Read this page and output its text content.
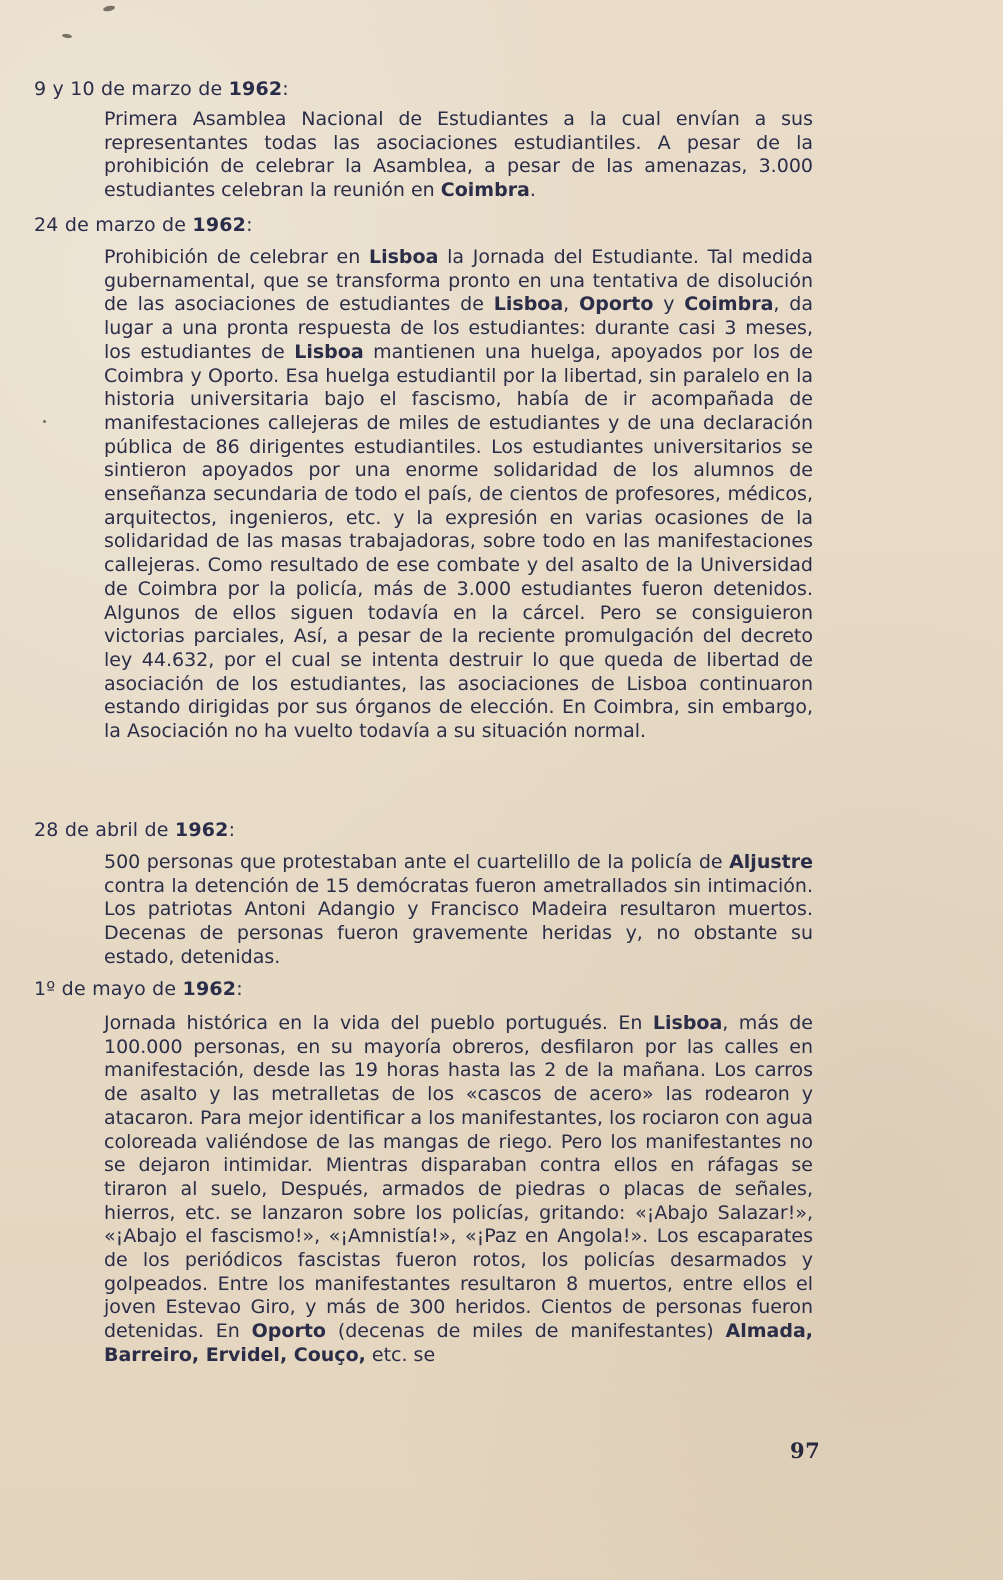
9 y 10 de marzo de 1962:
Primera Asamblea Nacional de Estudiantes a la cual envían a sus representantes todas las asociaciones estudiantiles. A pesar de la prohibición de celebrar la Asamblea, a pesar de las amenazas, 3.000 estudiantes celebran la reunión en Coimbra.
24 de marzo de 1962:
Prohibición de celebrar en Lisboa la Jornada del Estudiante. Tal medida gubernamental, que se transforma pronto en una tentativa de disolución de las asociaciones de estudiantes de Lisboa, Oporto y Coimbra, da lugar a una pronta respuesta de los estudiantes: durante casi 3 meses, los estudiantes de Lisboa mantienen una huelga, apoyados por los de Coimbra y Oporto. Esa huelga estudiantil por la libertad, sin paralelo en la historia universitaria bajo el fascismo, había de ir acompañada de manifestaciones callejeras de miles de estudiantes y de una declaración pública de 86 dirigentes estudiantiles. Los estudiantes universitarios se sintieron apoyados por una enorme solidaridad de los alumnos de enseñanza secundaria de todo el país, de cientos de profesores, médicos, arquitectos, ingenieros, etc. y la expresión en varias ocasiones de la solidaridad de las masas trabajadoras, sobre todo en las manifestaciones callejeras. Como resultado de ese combate y del asalto de la Universidad de Coimbra por la policía, más de 3.000 estudiantes fueron detenidos. Algunos de ellos siguen todavía en la cárcel. Pero se consiguieron victorias parciales, Así, a pesar de la reciente promulgación del decreto ley 44.632, por el cual se intenta destruir lo que queda de libertad de asociación de los estudiantes, las asociaciones de Lisboa continuaron estando dirigidas por sus órganos de elección. En Coimbra, sin embargo, la Asociación no ha vuelto todavía a su situación normal.
28 de abril de 1962:
500 personas que protestaban ante el cuartelillo de la policía de Aljustre contra la detención de 15 demócratas fueron ametrallados sin intimación. Los patriotas Antoni Adangio y Francisco Madeira resultaron muertos. Decenas de personas fueron gravemente heridas y, no obstante su estado, detenidas.
1º de mayo de 1962:
Jornada histórica en la vida del pueblo portugués. En Lisboa, más de 100.000 personas, en su mayoría obreros, desfilaron por las calles en manifestación, desde las 19 horas hasta las 2 de la mañana. Los carros de asalto y las metralletas de los «cascos de acero» las rodearon y atacaron. Para mejor identificar a los manifestantes, los rociaron con agua coloreada valiéndose de las mangas de riego. Pero los manifestantes no se dejaron intimidar. Mientras disparaban contra ellos en ráfagas se tiraron al suelo, Después, armados de piedras o placas de señales, hierros, etc. se lanzaron sobre los policías, gritando: «¡Abajo Salazar!», «¡Abajo el fascismo!», «¡Amnistía!», «¡Paz en Angola!». Los escaparates de los periódicos fascistas fueron rotos, los policías desarmados y golpeados. Entre los manifestantes resultaron 8 muertos, entre ellos el joven Estevao Giro, y más de 300 heridos. Cientos de personas fueron detenidas. En Oporto (decenas de miles de manifestantes) Almada, Barreiro, Ervidel, Couço, etc. se
97
